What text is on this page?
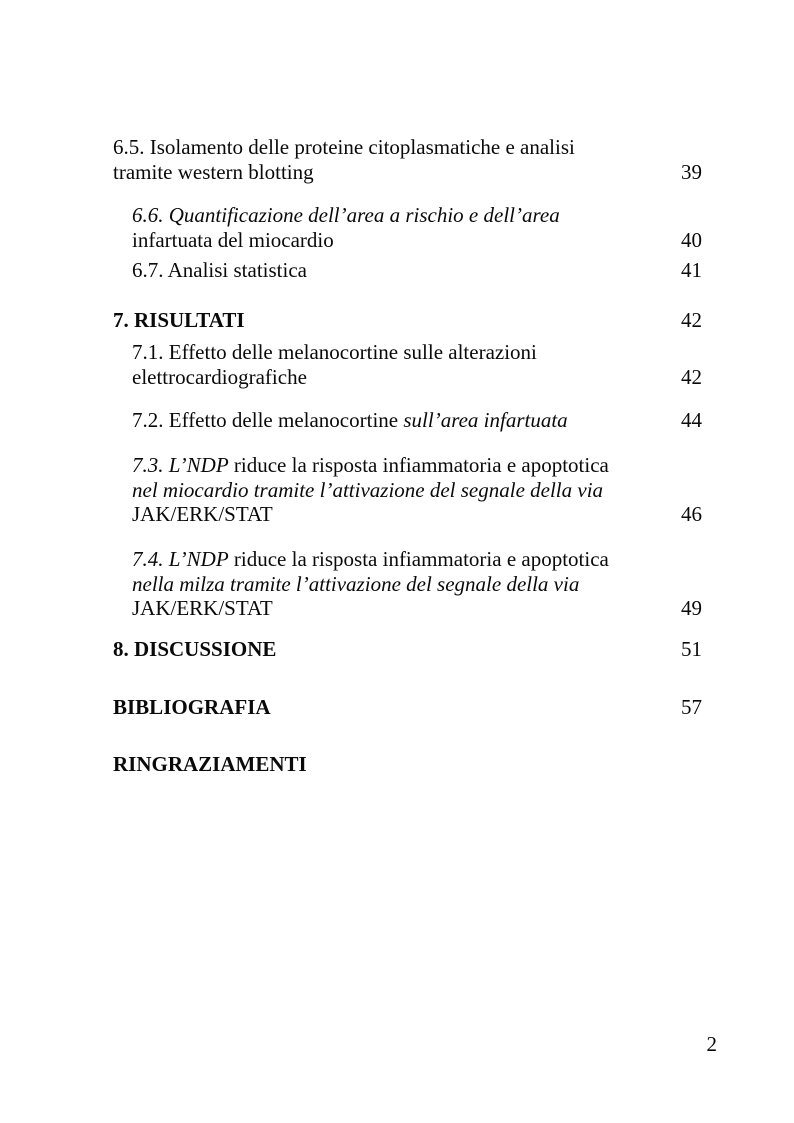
6.5. Isolamento delle proteine citoplasmatiche e analisi
tramite western blotting	39
6.6. Quantificazione dell’area a rischio e dell’area
infartuata del miocardio	40
6.7. Analisi statistica	41
7. RISULTATI	42
7.1. Effetto delle melanocortine sulle alterazioni
elettrocardiografiche	42
7.2. Effetto delle melanocortine sull’area infartuata	44
7.3. L’NDP riduce la risposta infiammatoria e apoptotica
nel miocardio tramite l’attivazione del segnale della via
JAK/ERK/STAT	46
7.4. L’NDP riduce la risposta infiammatoria e apoptotica
nella milza tramite l’attivazione del segnale della via
JAK/ERK/STAT	49
8. DISCUSSIONE	51
BIBLIOGRAFIA	57
RINGRAZIAMENTI
2
